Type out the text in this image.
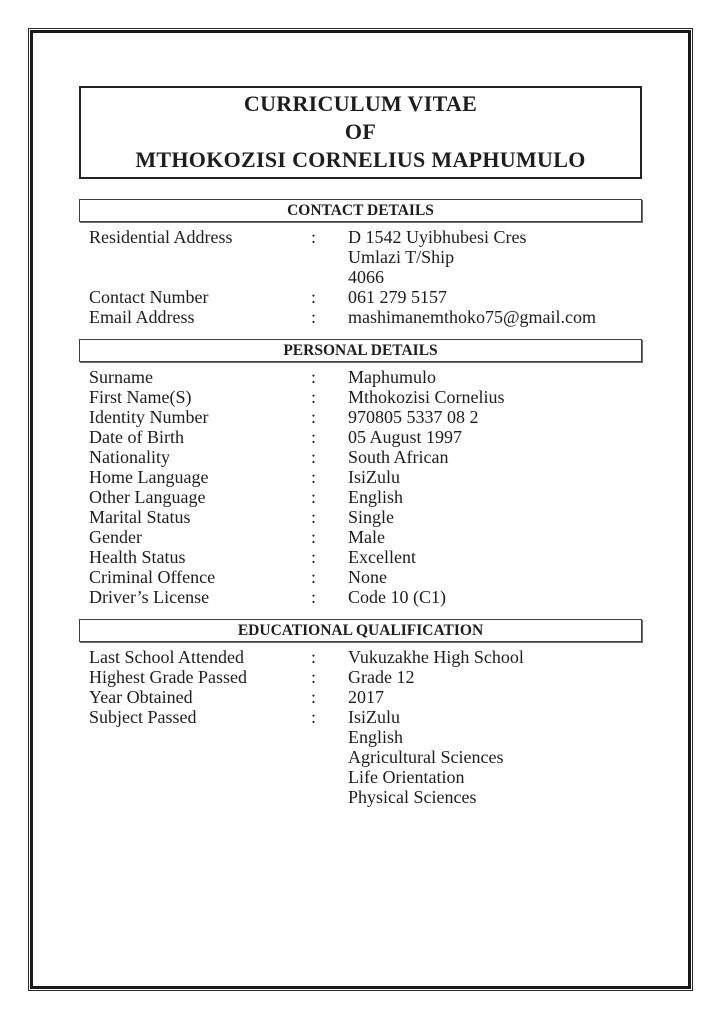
CURRICULUM VITAE
OF
MTHOKOZISI CORNELIUS MAPHUMULO
CONTACT DETAILS
Residential Address	:	D 1542 Uyibhubesi Cres
Umlazi T/Ship
4066
Contact Number	:	061 279 5157
Email Address	:	mashimanemthoko75@gmail.com
PERSONAL DETAILS
Surname	:	Maphumulo
First Name(S)	:	Mthokozisi Cornelius
Identity Number	:	970805 5337 08 2
Date of Birth	:	05 August 1997
Nationality	:	South African
Home Language	:	IsiZulu
Other Language	:	English
Marital Status	:	Single
Gender	:	Male
Health Status	:	Excellent
Criminal Offence	:	None
Driver’s License	:	Code 10 (C1)
EDUCATIONAL QUALIFICATION
Last School Attended	:	Vukuzakhe High School
Highest Grade Passed	:	Grade 12
Year Obtained	:	2017
Subject Passed	:	IsiZulu
English
Agricultural Sciences
Life Orientation
Physical Sciences
